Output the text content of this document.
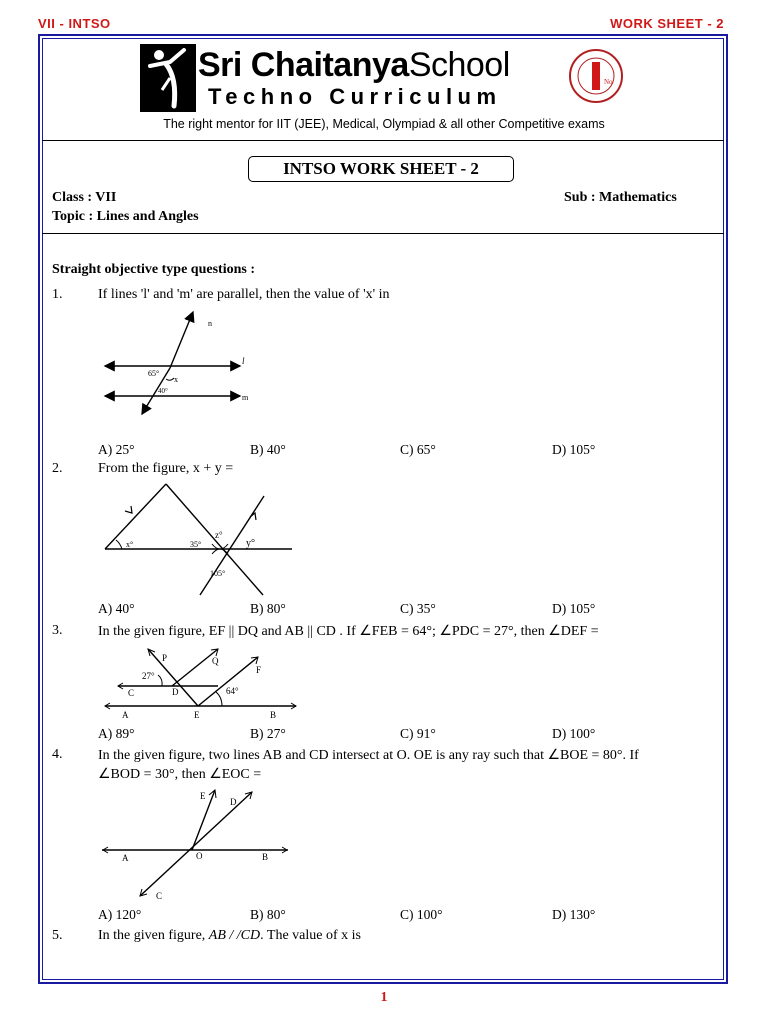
VII - INTSO	WORK SHEET - 2
Sri ChaitanyaSchool
Techno Curriculum
No
The right mentor for IIT (JEE), Medical, Olympiad & all other Competitive exams
INTSO WORK SHEET - 2
Class : VII	Sub : Mathematics
Topic : Lines and Angles
Straight objective type questions :
1.	If lines 'l' and 'm' are parallel, then the value of 'x' in
n
l
m
65°
x
40°
A) 25°	B) 40°	C) 65°	D) 105°
2.	From the figure, x + y =
x°	35°
z°
y°
105°
A) 40°	B) 80°	C) 35°	D) 105°
3.	In the given figure, EF || DQ and AB || CD . If ∠FEB = 64°; ∠PDC = 27°, then ∠DEF =
P	Q
F
27°
C	D	64°
A	E	B
A) 89°	B) 27°	C) 91°	D) 100°
4.	In the given figure, two lines AB and CD intersect at O. OE is any ray such that ∠BOE = 80°. If
∠BOD = 30°, then ∠EOC =
E
D
A	O	B
C
A) 120°	B) 80°	C) 100°	D) 130°
5.	In the given figure, AB / /CD. The value of x is
1
